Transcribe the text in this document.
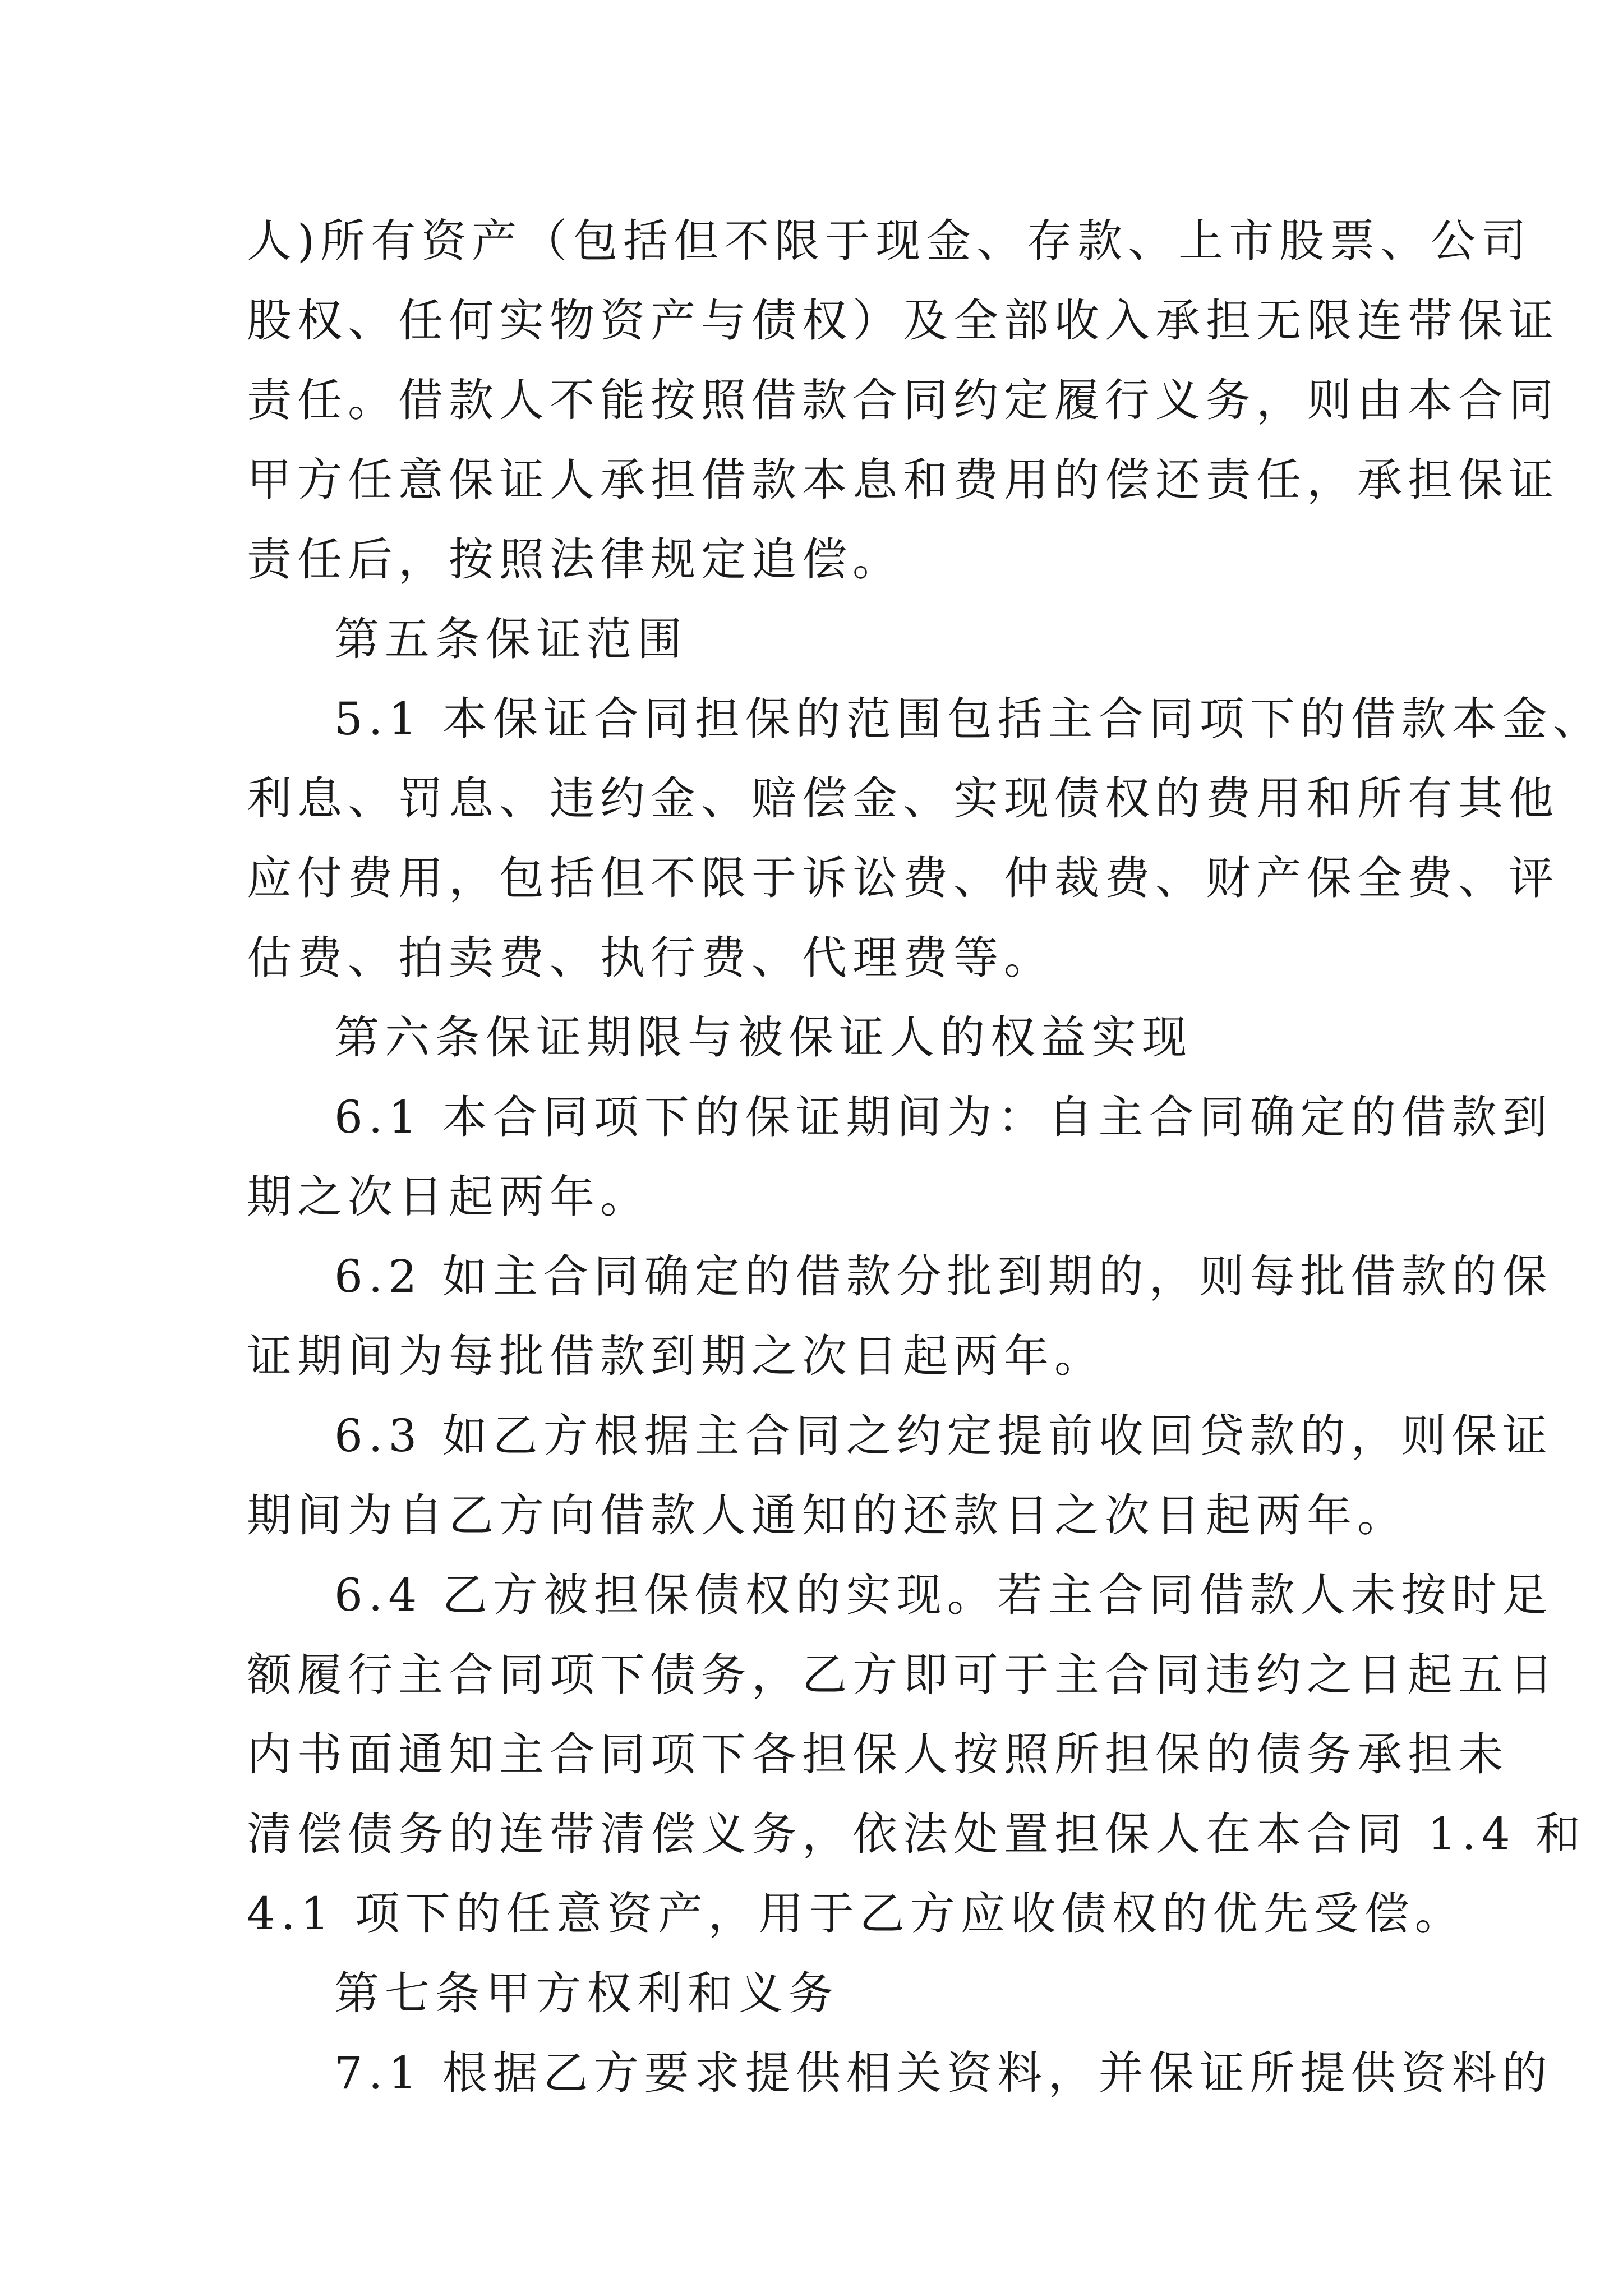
人)所有资产（包括但不限于现金、存款、上市股票、公司
股权、任何实物资产与债权）及全部收入承担无限连带保证
责任。借款人不能按照借款合同约定履行义务，则由本合同
甲方任意保证人承担借款本息和费用的偿还责任，承担保证
责任后，按照法律规定追偿。
第五条保证范围
5.1 本保证合同担保的范围包括主合同项下的借款本金、
利息、罚息、违约金、赔偿金、实现债权的费用和所有其他
应付费用，包括但不限于诉讼费、仲裁费、财产保全费、评
估费、拍卖费、执行费、代理费等。
第六条保证期限与被保证人的权益实现
6.1 本合同项下的保证期间为：自主合同确定的借款到
期之次日起两年。
6.2 如主合同确定的借款分批到期的，则每批借款的保
证期间为每批借款到期之次日起两年。
6.3 如乙方根据主合同之约定提前收回贷款的，则保证
期间为自乙方向借款人通知的还款日之次日起两年。
6.4 乙方被担保债权的实现。若主合同借款人未按时足
额履行主合同项下债务，乙方即可于主合同违约之日起五日
内书面通知主合同项下各担保人按照所担保的债务承担未
清偿债务的连带清偿义务，依法处置担保人在本合同 1.4 和
4.1 项下的任意资产，用于乙方应收债权的优先受偿。
第七条甲方权利和义务
7.1 根据乙方要求提供相关资料，并保证所提供资料的
